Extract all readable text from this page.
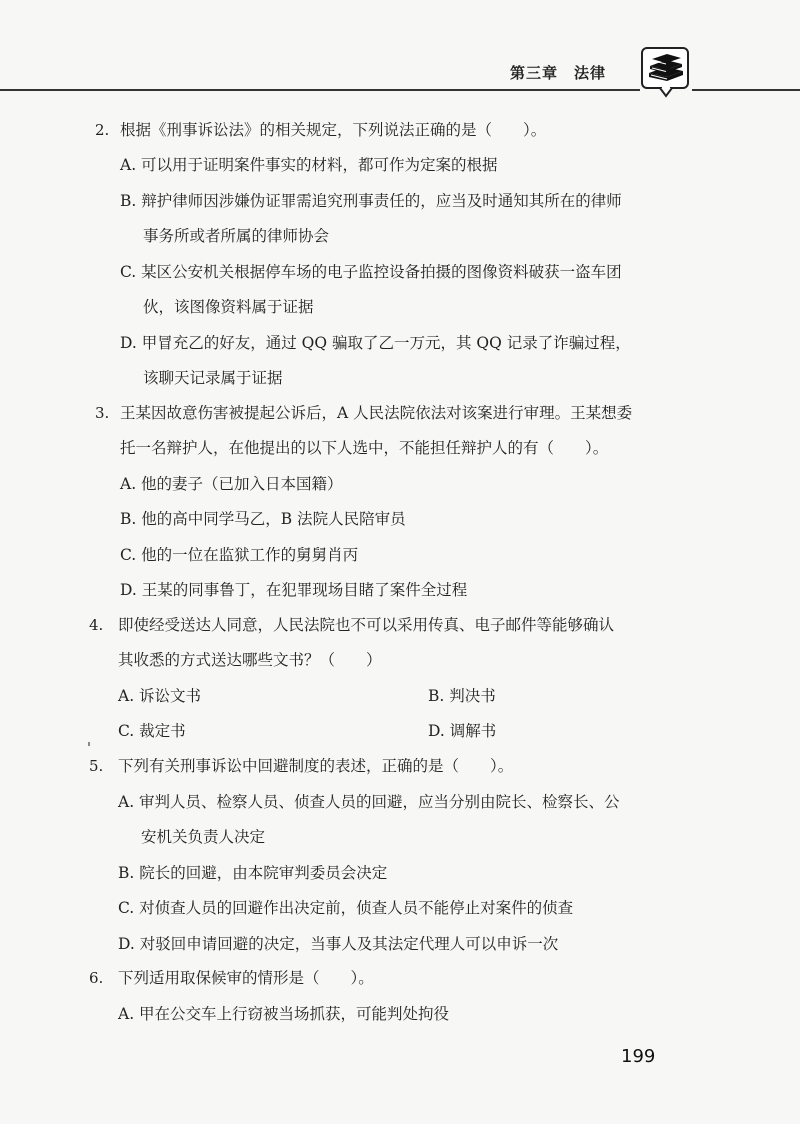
第三章　法律
2. 根据《刑事诉讼法》的相关规定，下列说法正确的是（　　）。
A. 可以用于证明案件事实的材料，都可作为定案的根据
B. 辩护律师因涉嫌伪证罪需追究刑事责任的，应当及时通知其所在的律师
事务所或者所属的律师协会
C. 某区公安机关根据停车场的电子监控设备拍摄的图像资料破获一盗车团
伙，该图像资料属于证据
D. 甲冒充乙的好友，通过 QQ 骗取了乙一万元，其 QQ 记录了诈骗过程，
该聊天记录属于证据
3. 王某因故意伤害被提起公诉后，A 人民法院依法对该案进行审理。王某想委
托一名辩护人，在他提出的以下人选中，不能担任辩护人的有（　　）。
A. 他的妻子（已加入日本国籍）
B. 他的高中同学马乙，B 法院人民陪审员
C. 他的一位在监狱工作的舅舅肖丙
D. 王某的同事鲁丁，在犯罪现场目睹了案件全过程
4. 即使经受送达人同意，人民法院也不可以采用传真、电子邮件等能够确认
其收悉的方式送达哪些文书？（　　）
A. 诉讼文书	B. 判决书
C. 裁定书	D. 调解书
5. 下列有关刑事诉讼中回避制度的表述，正确的是（　　）。
A. 审判人员、检察人员、侦查人员的回避，应当分别由院长、检察长、公
安机关负责人决定
B. 院长的回避，由本院审判委员会决定
C. 对侦查人员的回避作出决定前，侦查人员不能停止对案件的侦查
D. 对驳回申请回避的决定，当事人及其法定代理人可以申诉一次
6. 下列适用取保候审的情形是（　　）。
A. 甲在公交车上行窃被当场抓获，可能判处拘役
199
